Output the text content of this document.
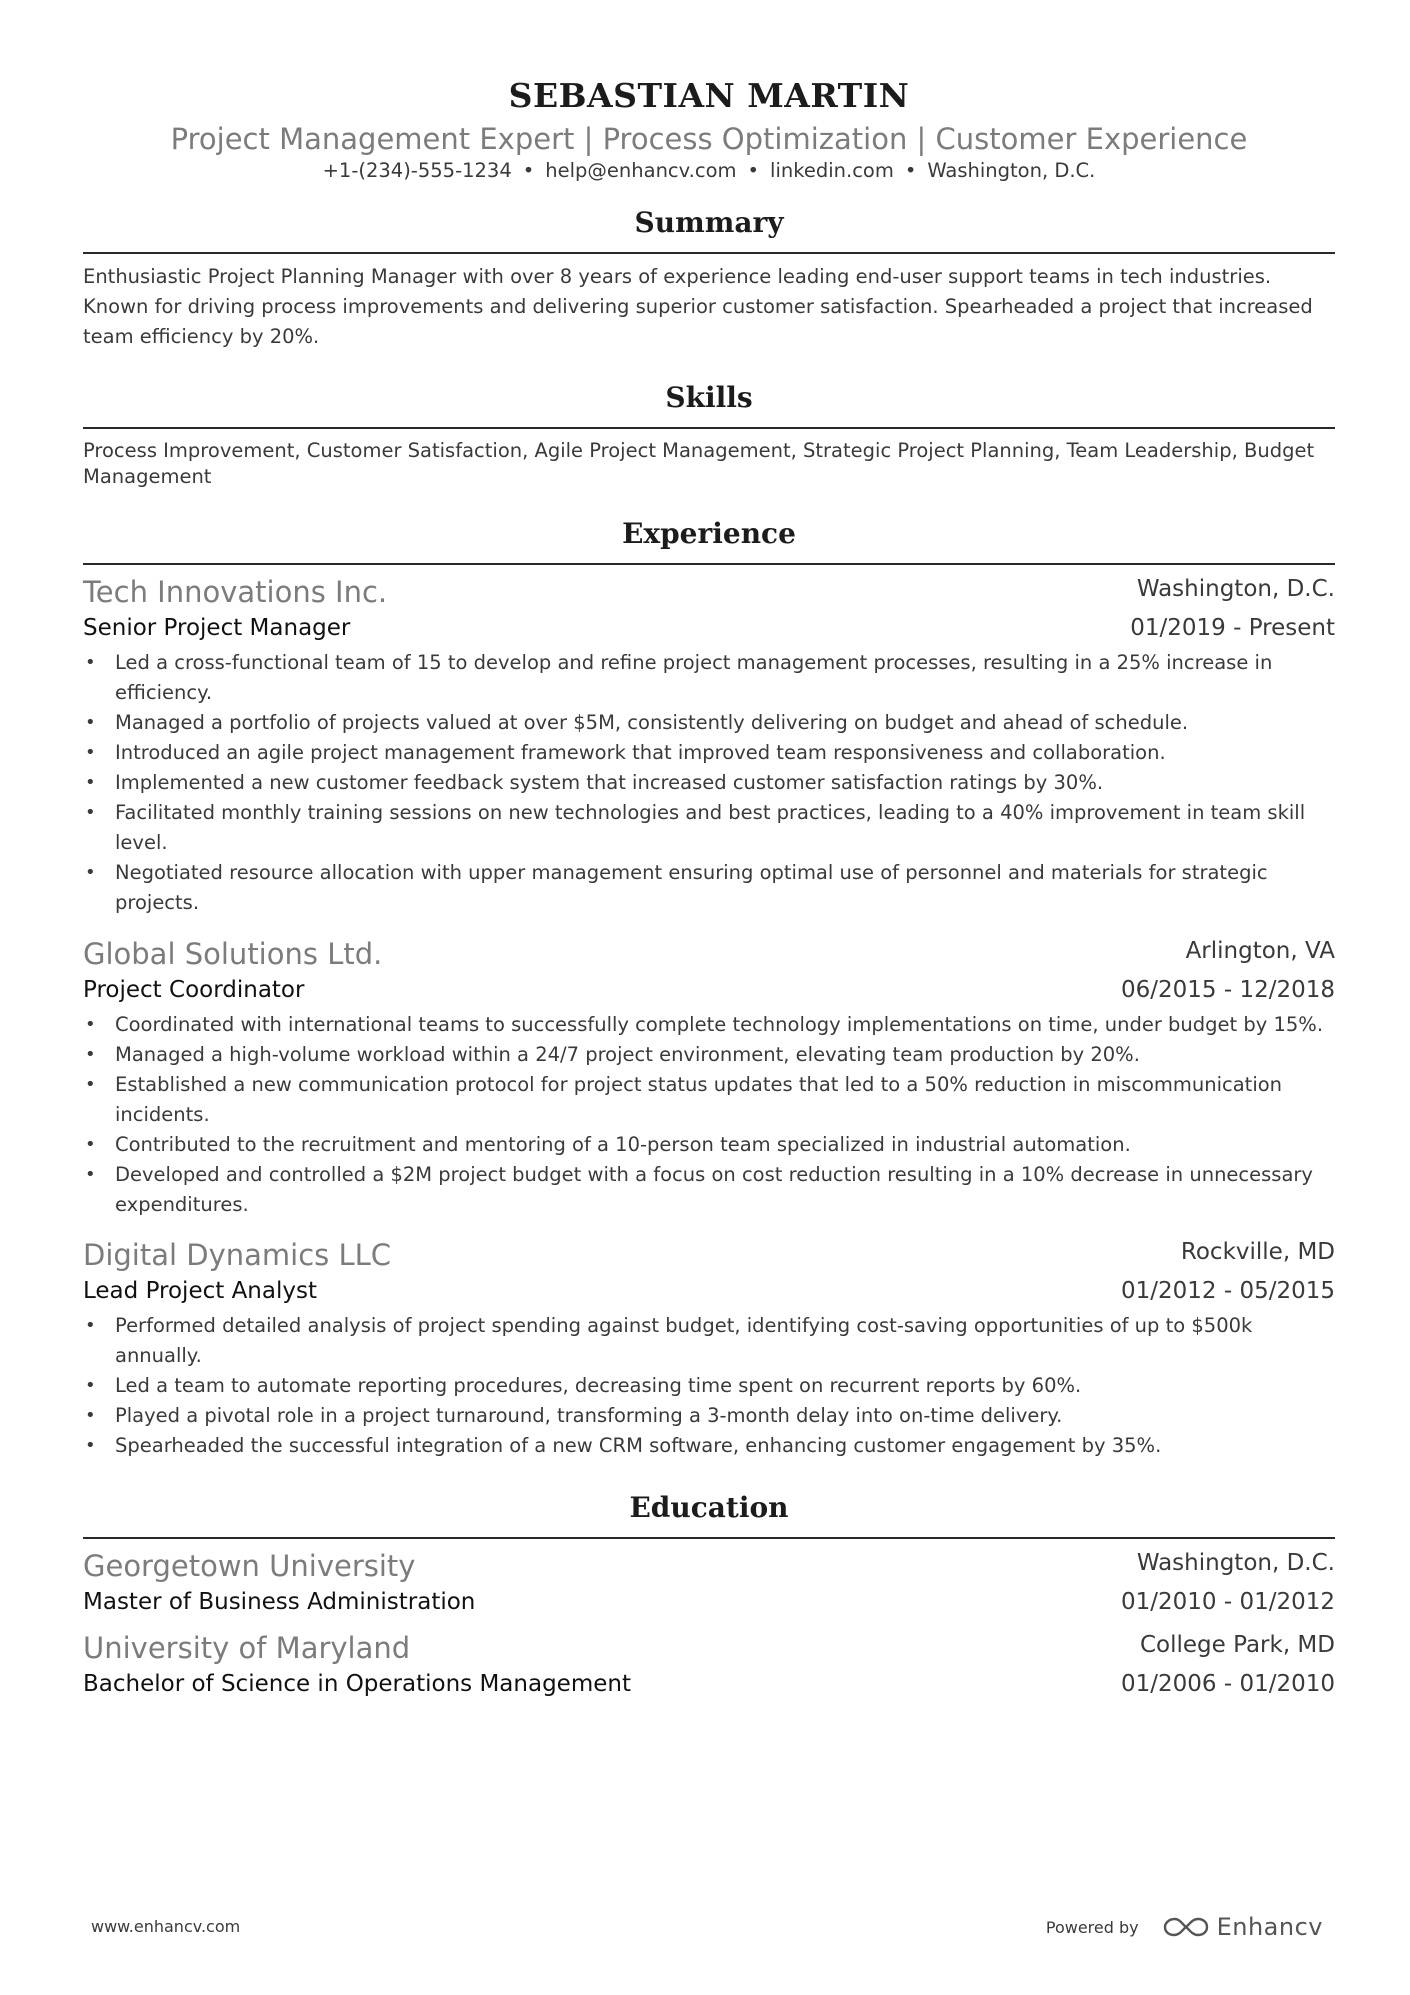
SEBASTIAN MARTIN
Project Management Expert | Process Optimization | Customer Experience
+1-(234)-555-1234 • help@enhancv.com • linkedin.com • Washington, D.C.
Summary

Enthusiastic Project Planning Manager with over 8 years of experience leading end-user support teams in tech industries. Known for driving process improvements and delivering superior customer satisfaction. Spearheaded a project that increased team efficiency by 20%.

Skills

Process Improvement, Customer Satisfaction, Agile Project Management, Strategic Project Planning, Team Leadership, Budget Management

Experience
Tech Innovations Inc.	Washington, D.C.
Senior Project Manager	01/2019 - Present
• Led a cross-functional team of 15 to develop and refine project management processes, resulting in a 25% increase in efficiency.
• Managed a portfolio of projects valued at over $5M, consistently delivering on budget and ahead of schedule.
• Introduced an agile project management framework that improved team responsiveness and collaboration.
• Implemented a new customer feedback system that increased customer satisfaction ratings by 30%.
• Facilitated monthly training sessions on new technologies and best practices, leading to a 40% improvement in team skill level.
• Negotiated resource allocation with upper management ensuring optimal use of personnel and materials for strategic projects.
Global Solutions Ltd.	Arlington, VA
Project Coordinator	06/2015 - 12/2018
• Coordinated with international teams to successfully complete technology implementations on time, under budget by 15%.
• Managed a high-volume workload within a 24/7 project environment, elevating team production by 20%.
• Established a new communication protocol for project status updates that led to a 50% reduction in miscommunication incidents.
• Contributed to the recruitment and mentoring of a 10-person team specialized in industrial automation.
• Developed and controlled a $2M project budget with a focus on cost reduction resulting in a 10% decrease in unnecessary expenditures.
Digital Dynamics LLC	Rockville, MD
Lead Project Analyst	01/2012 - 05/2015
• Performed detailed analysis of project spending against budget, identifying cost-saving opportunities of up to $500k annually.
• Led a team to automate reporting procedures, decreasing time spent on recurrent reports by 60%.
• Played a pivotal role in a project turnaround, transforming a 3-month delay into on-time delivery.
• Spearheaded the successful integration of a new CRM software, enhancing customer engagement by 35%.
Education
Georgetown University	Washington, D.C.
Master of Business Administration	01/2010 - 01/2012
University of Maryland	College Park, MD
Bachelor of Science in Operations Management	01/2006 - 01/2010
www.enhancv.com	Powered by	Enhancv
